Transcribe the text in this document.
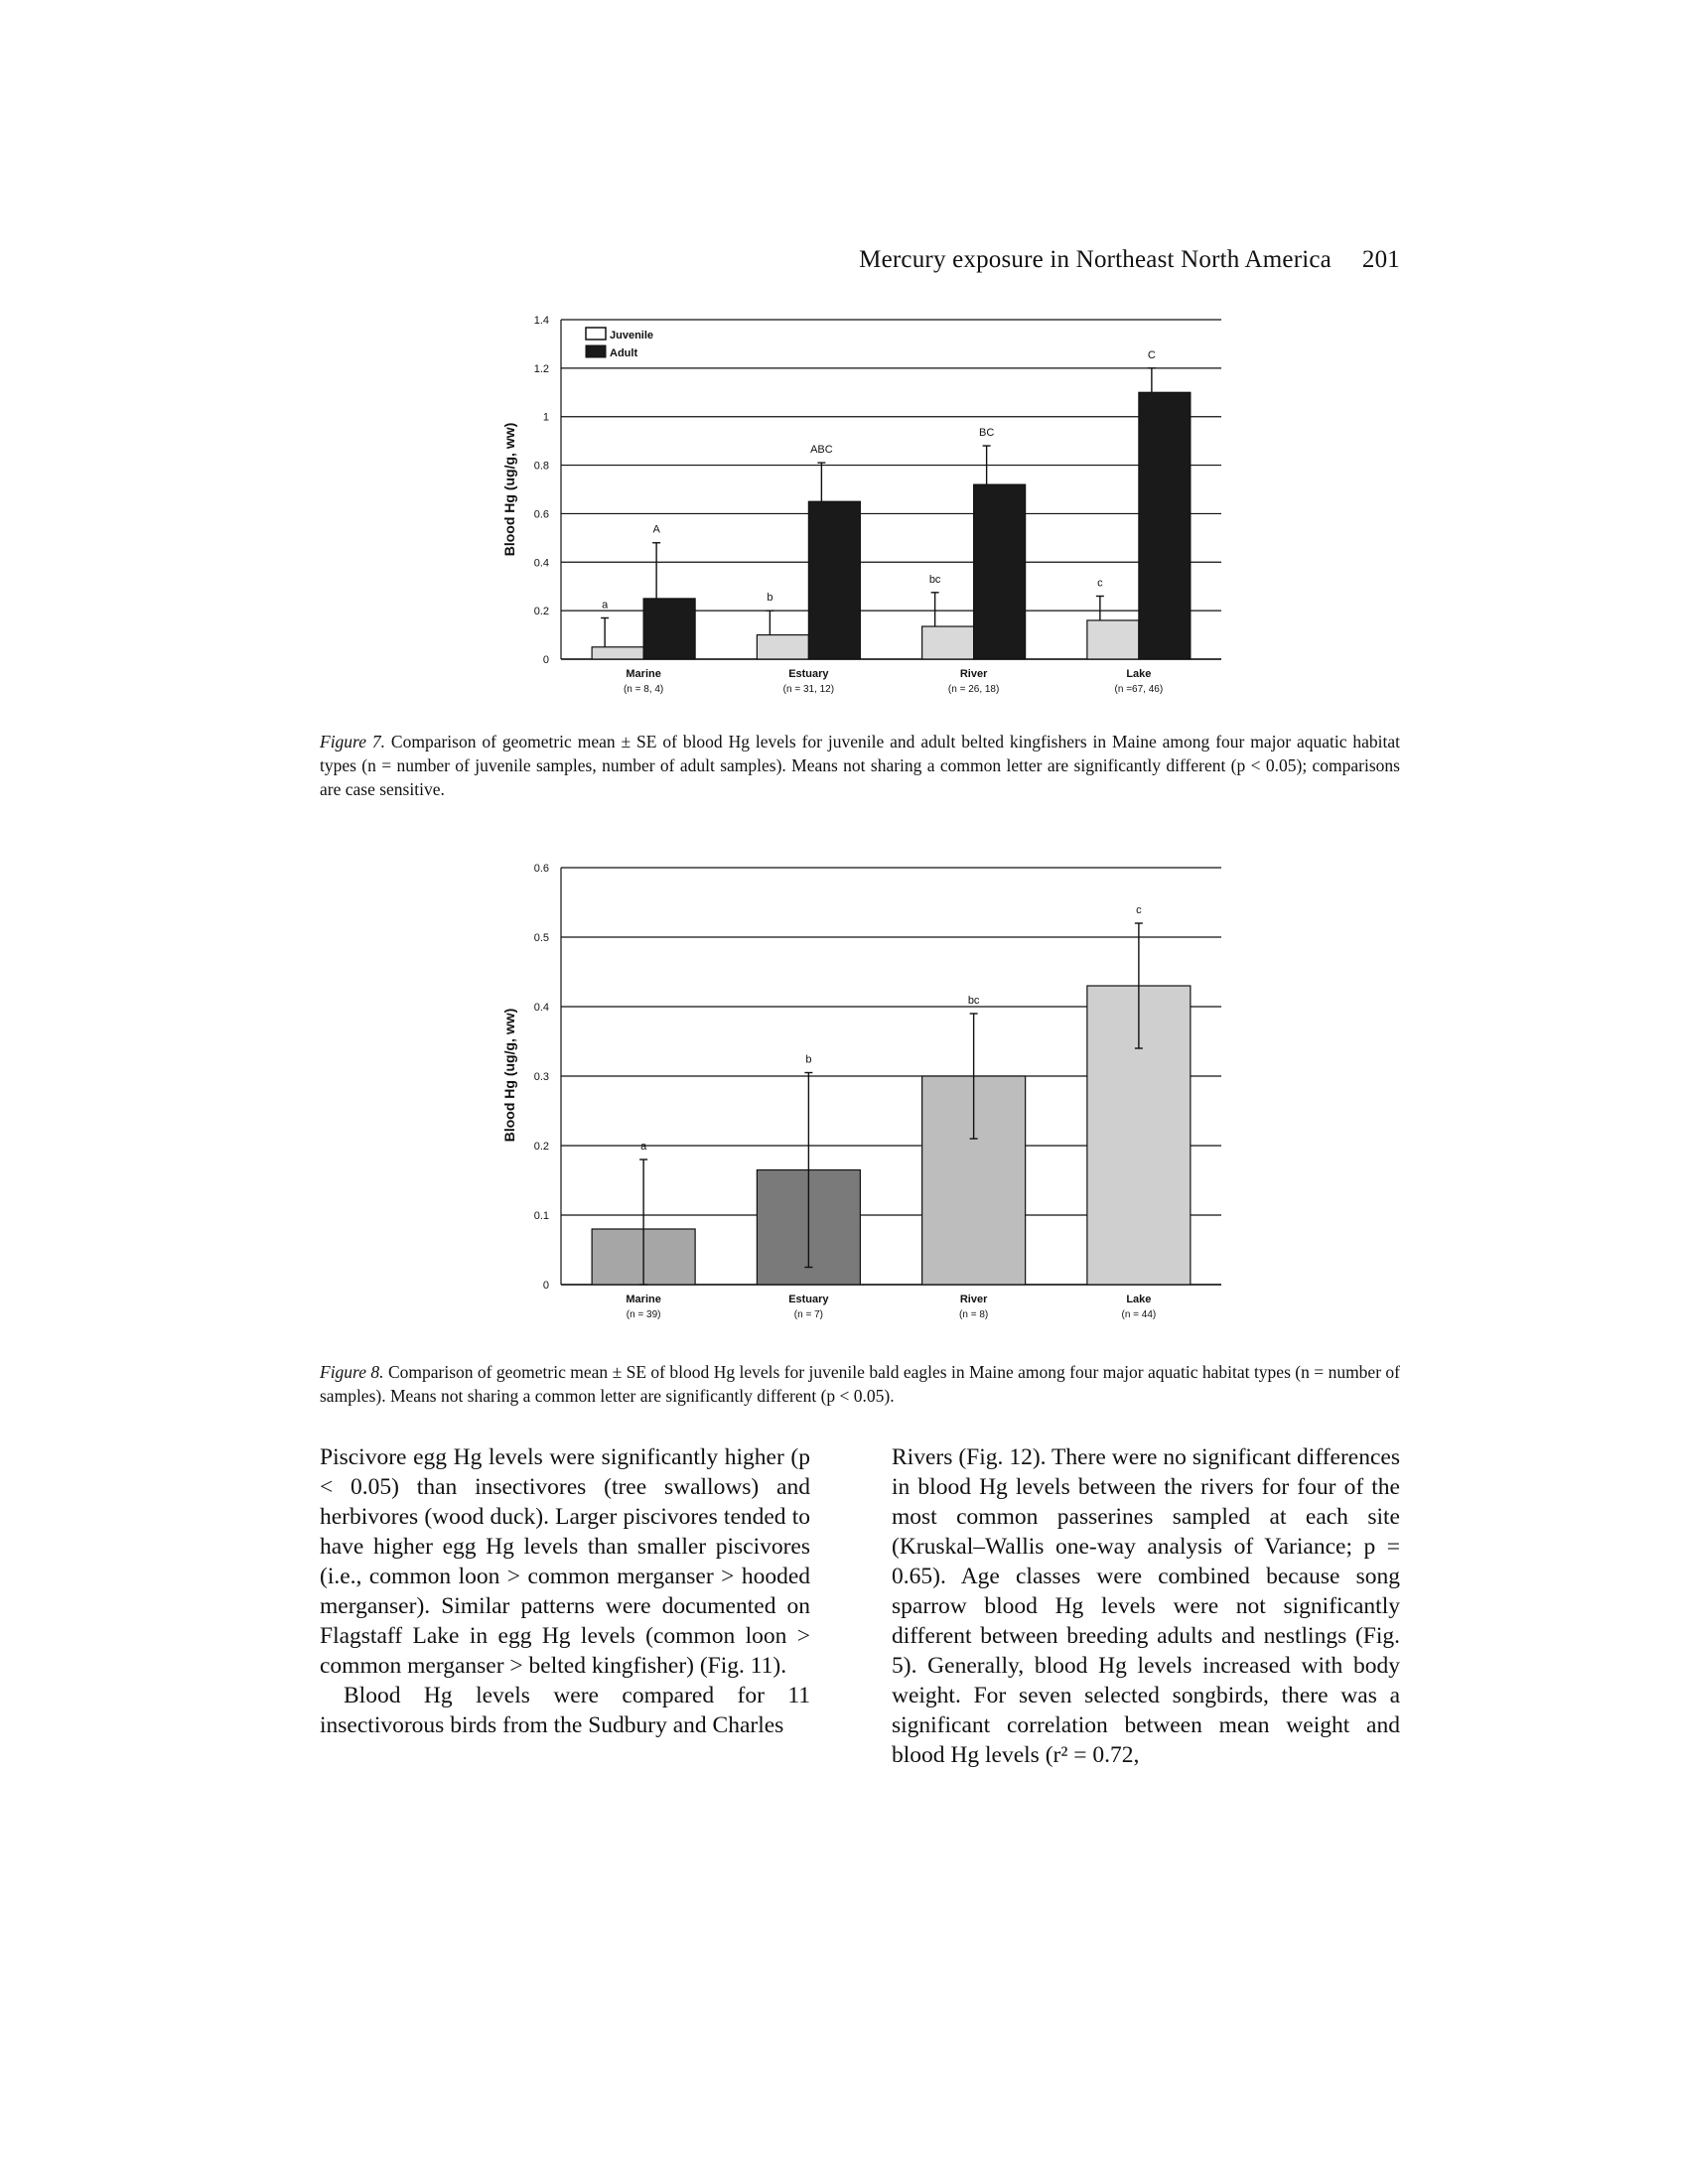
Mercury exposure in Northeast North America 201
0
0.2
0.4
0.6
0.8
1
1.2
1.4
a
b
bc	c
A
ABC
BC
C
Marine
(n = 8, 4)
Estuary
(n = 31, 12)
River
(n = 26, 18)
Lake
(n =67, 46)
Blood Hg (ug/g, ww)
Juvenile
Adult
Figure 7. Comparison of geometric mean ± SE of blood Hg levels for juvenile and adult belted kingfishers in Maine among four major aquatic habitat types (n = number of juvenile samples, number of adult samples). Means not sharing a common letter are significantly different (p < 0.05); comparisons are case sensitive.
0
0.1
0.2
0.3
0.4
0.5
0.6
a
b
bc
c
Marine
(n = 39)
Estuary
(n = 7)
River
(n = 8)
Lake
(n = 44)
Blood Hg (ug/g, ww)
Figure 8. Comparison of geometric mean ± SE of blood Hg levels for juvenile bald eagles in Maine among four major aquatic habitat types (n = number of samples). Means not sharing a common letter are significantly different (p < 0.05).

Piscivore egg Hg levels were significantly higher (p < 0.05) than insectivores (tree swallows) and herbivores (wood duck). Larger piscivores tended to have higher egg Hg levels than smaller piscivores (i.e., common loon > common merganser > hooded merganser). Similar patterns were documented on Flagstaff Lake in egg Hg levels (common loon > common merganser > belted kingfisher) (Fig. 11).

Blood Hg levels were compared for 11 insectivorous birds from the Sudbury and Charles

Rivers (Fig. 12). There were no significant differences in blood Hg levels between the rivers for four of the most common passerines sampled at each site (Kruskal–Wallis one-way analysis of Variance; p = 0.65). Age classes were combined because song sparrow blood Hg levels were not significantly different between breeding adults and nestlings (Fig. 5). Generally, blood Hg levels increased with body weight. For seven selected songbirds, there was a significant correlation between mean weight and blood Hg levels (r² = 0.72,
